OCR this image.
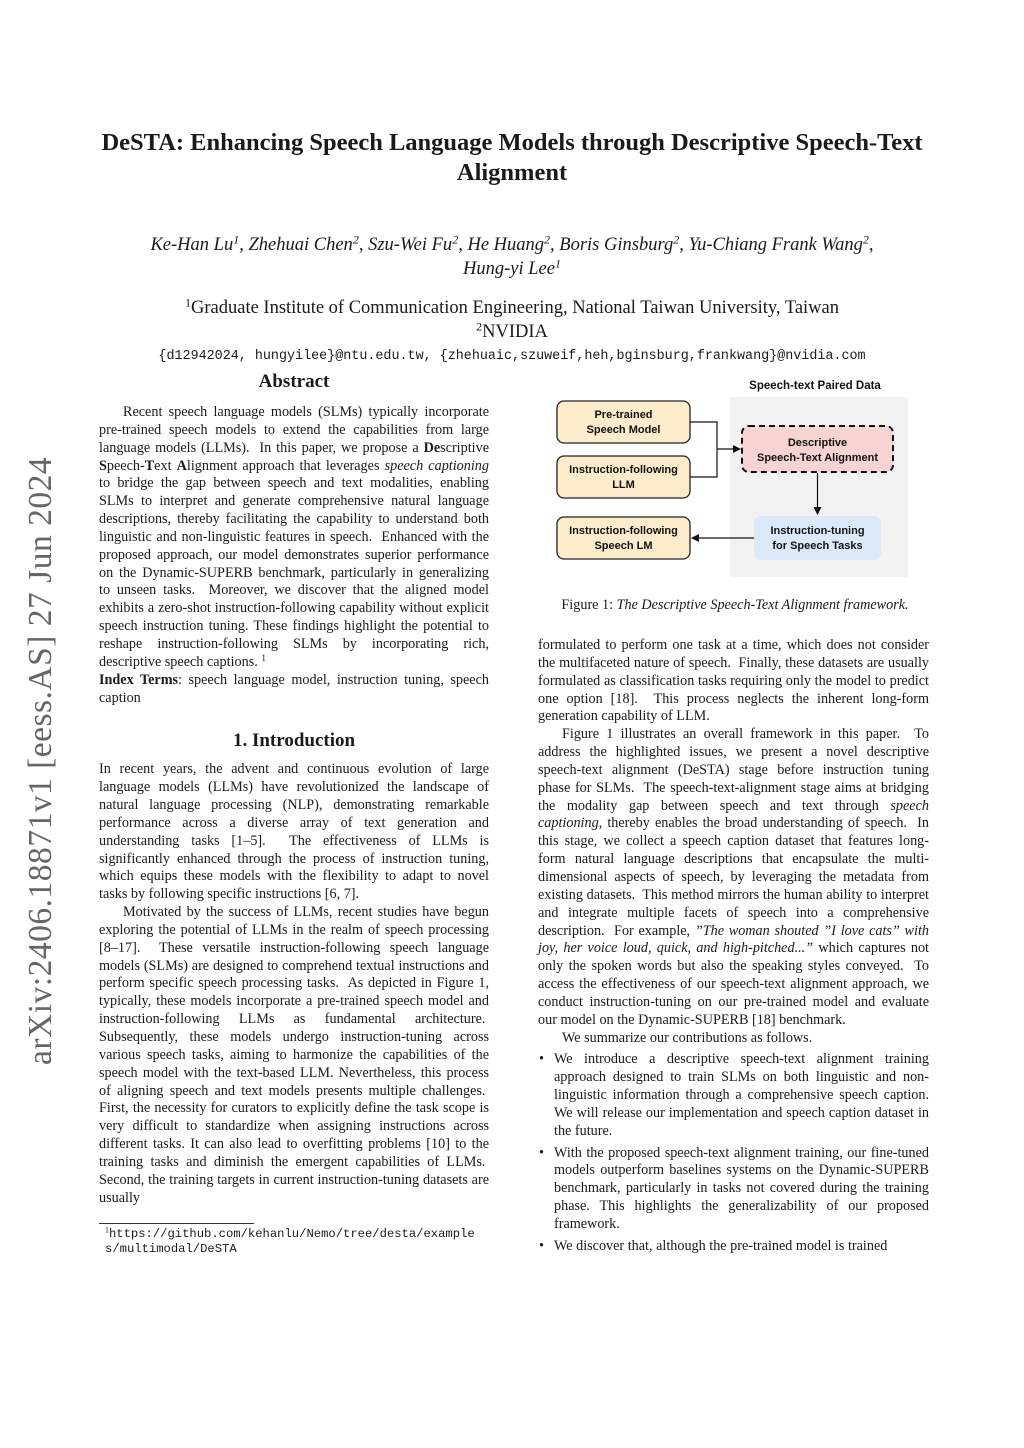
arXiv:2406.18871v1 [eess.AS] 27 Jun 2024
DeSTA: Enhancing Speech Language Models through Descriptive Speech-Text Alignment
Ke-Han Lu$^1$, Zhehuai Chen$^2$, Szu-Wei Fu$^2$, He Huang$^2$, Boris Ginsburg$^2$, Yu-Chiang Frank Wang$^2$,
Hung-yi Lee$^1$
$^1$Graduate Institute of Communication Engineering, National Taiwan University, Taiwan
$^2$NVIDIA
{d12942024, hungyilee}@ntu.edu.tw, {zhehuaic,szuweif,heh,bginsburg,frankwang}@nvidia.com
Abstract

Recent speech language models (SLMs) typically incorporate pre-trained speech models to extend the capabilities from large language models (LLMs).  In this paper, we propose a Descriptive Speech-Text Alignment approach that leverages speech captioning to bridge the gap between speech and text modalities, enabling SLMs to interpret and generate comprehensive natural language descriptions, thereby facilitating the capability to understand both linguistic and non-linguistic features in speech.  Enhanced with the proposed approach, our model demonstrates superior performance on the Dynamic-SUPERB benchmark, particularly in generalizing to unseen tasks.  Moreover, we discover that the aligned model exhibits a zero-shot instruction-following capability without explicit speech instruction tuning. These findings highlight the potential to reshape instruction-following SLMs by incorporating rich, descriptive speech captions. $^1$

Index Terms: speech language model, instruction tuning, speech caption

1. Introduction

In recent years, the advent and continuous evolution of large language models (LLMs) have revolutionized the landscape of natural language processing (NLP), demonstrating remarkable performance across a diverse array of text generation and understanding tasks [1–5].  The effectiveness of LLMs is significantly enhanced through the process of instruction tuning, which equips these models with the flexibility to adapt to novel tasks by following specific instructions [6, 7].

Motivated by the success of LLMs, recent studies have begun exploring the potential of LLMs in the realm of speech processing [8–17].  These versatile instruction-following speech language models (SLMs) are designed to comprehend textual instructions and perform specific speech processing tasks.  As depicted in Figure 1, typically, these models incorporate a pre-trained speech model and instruction-following LLMs as fundamental architecture.  Subsequently, these models undergo instruction-tuning across various speech tasks, aiming to harmonize the capabilities of the speech model with the text-based LLM. Nevertheless, this process of aligning speech and text models presents multiple challenges.  First, the necessity for curators to explicitly define the task scope is very difficult to standardize when assigning instructions across different tasks. It can also lead to overfitting problems [10] to the training tasks and diminish the emergent capabilities of LLMs.  Second, the training targets in current instruction-tuning datasets are usually

$^1$https://github.com/kehanlu/Nemo/tree/desta/examples/multimodal/DeSTA
Speech-text Paired Data
Pre-trained
Speech Model
Instruction-following
LLM
Instruction-following
Speech LM
Descriptive
Speech-Text Alignment
Instruction-tuning
for Speech Tasks
Figure 1: The Descriptive Speech-Text Alignment framework.

formulated to perform one task at a time, which does not consider the multifaceted nature of speech.  Finally, these datasets are usually formulated as classification tasks requiring only the model to predict one option [18].  This process neglects the inherent long-form generation capability of LLM.

Figure 1 illustrates an overall framework in this paper.  To address the highlighted issues, we present a novel descriptive speech-text alignment (DeSTA) stage before instruction tuning phase for SLMs.  The speech-text-alignment stage aims at bridging the modality gap between speech and text through speech captioning, thereby enables the broad understanding of speech.  In this stage, we collect a speech caption dataset that features long-form natural language descriptions that encapsulate the multi-dimensional aspects of speech, by leveraging the metadata from existing datasets.  This method mirrors the human ability to interpret and integrate multiple facets of speech into a comprehensive description.  For example, ”The woman shouted ”I love cats” with joy, her voice loud, quick, and high-pitched...” which captures not only the spoken words but also the speaking styles conveyed.  To access the effectiveness of our speech-text alignment approach, we conduct instruction-tuning on our pre-trained model and evaluate our model on the Dynamic-SUPERB [18] benchmark.

We summarize our contributions as follows.

• We introduce a descriptive speech-text alignment training approach designed to train SLMs on both linguistic and non-linguistic information through a comprehensive speech caption. We will release our implementation and speech caption dataset in the future.
• With the proposed speech-text alignment training, our fine-tuned models outperform baselines systems on the Dynamic-SUPERB benchmark, particularly in tasks not covered during the training phase. This highlights the generalizability of our proposed framework.
• We discover that, although the pre-trained model is trained
